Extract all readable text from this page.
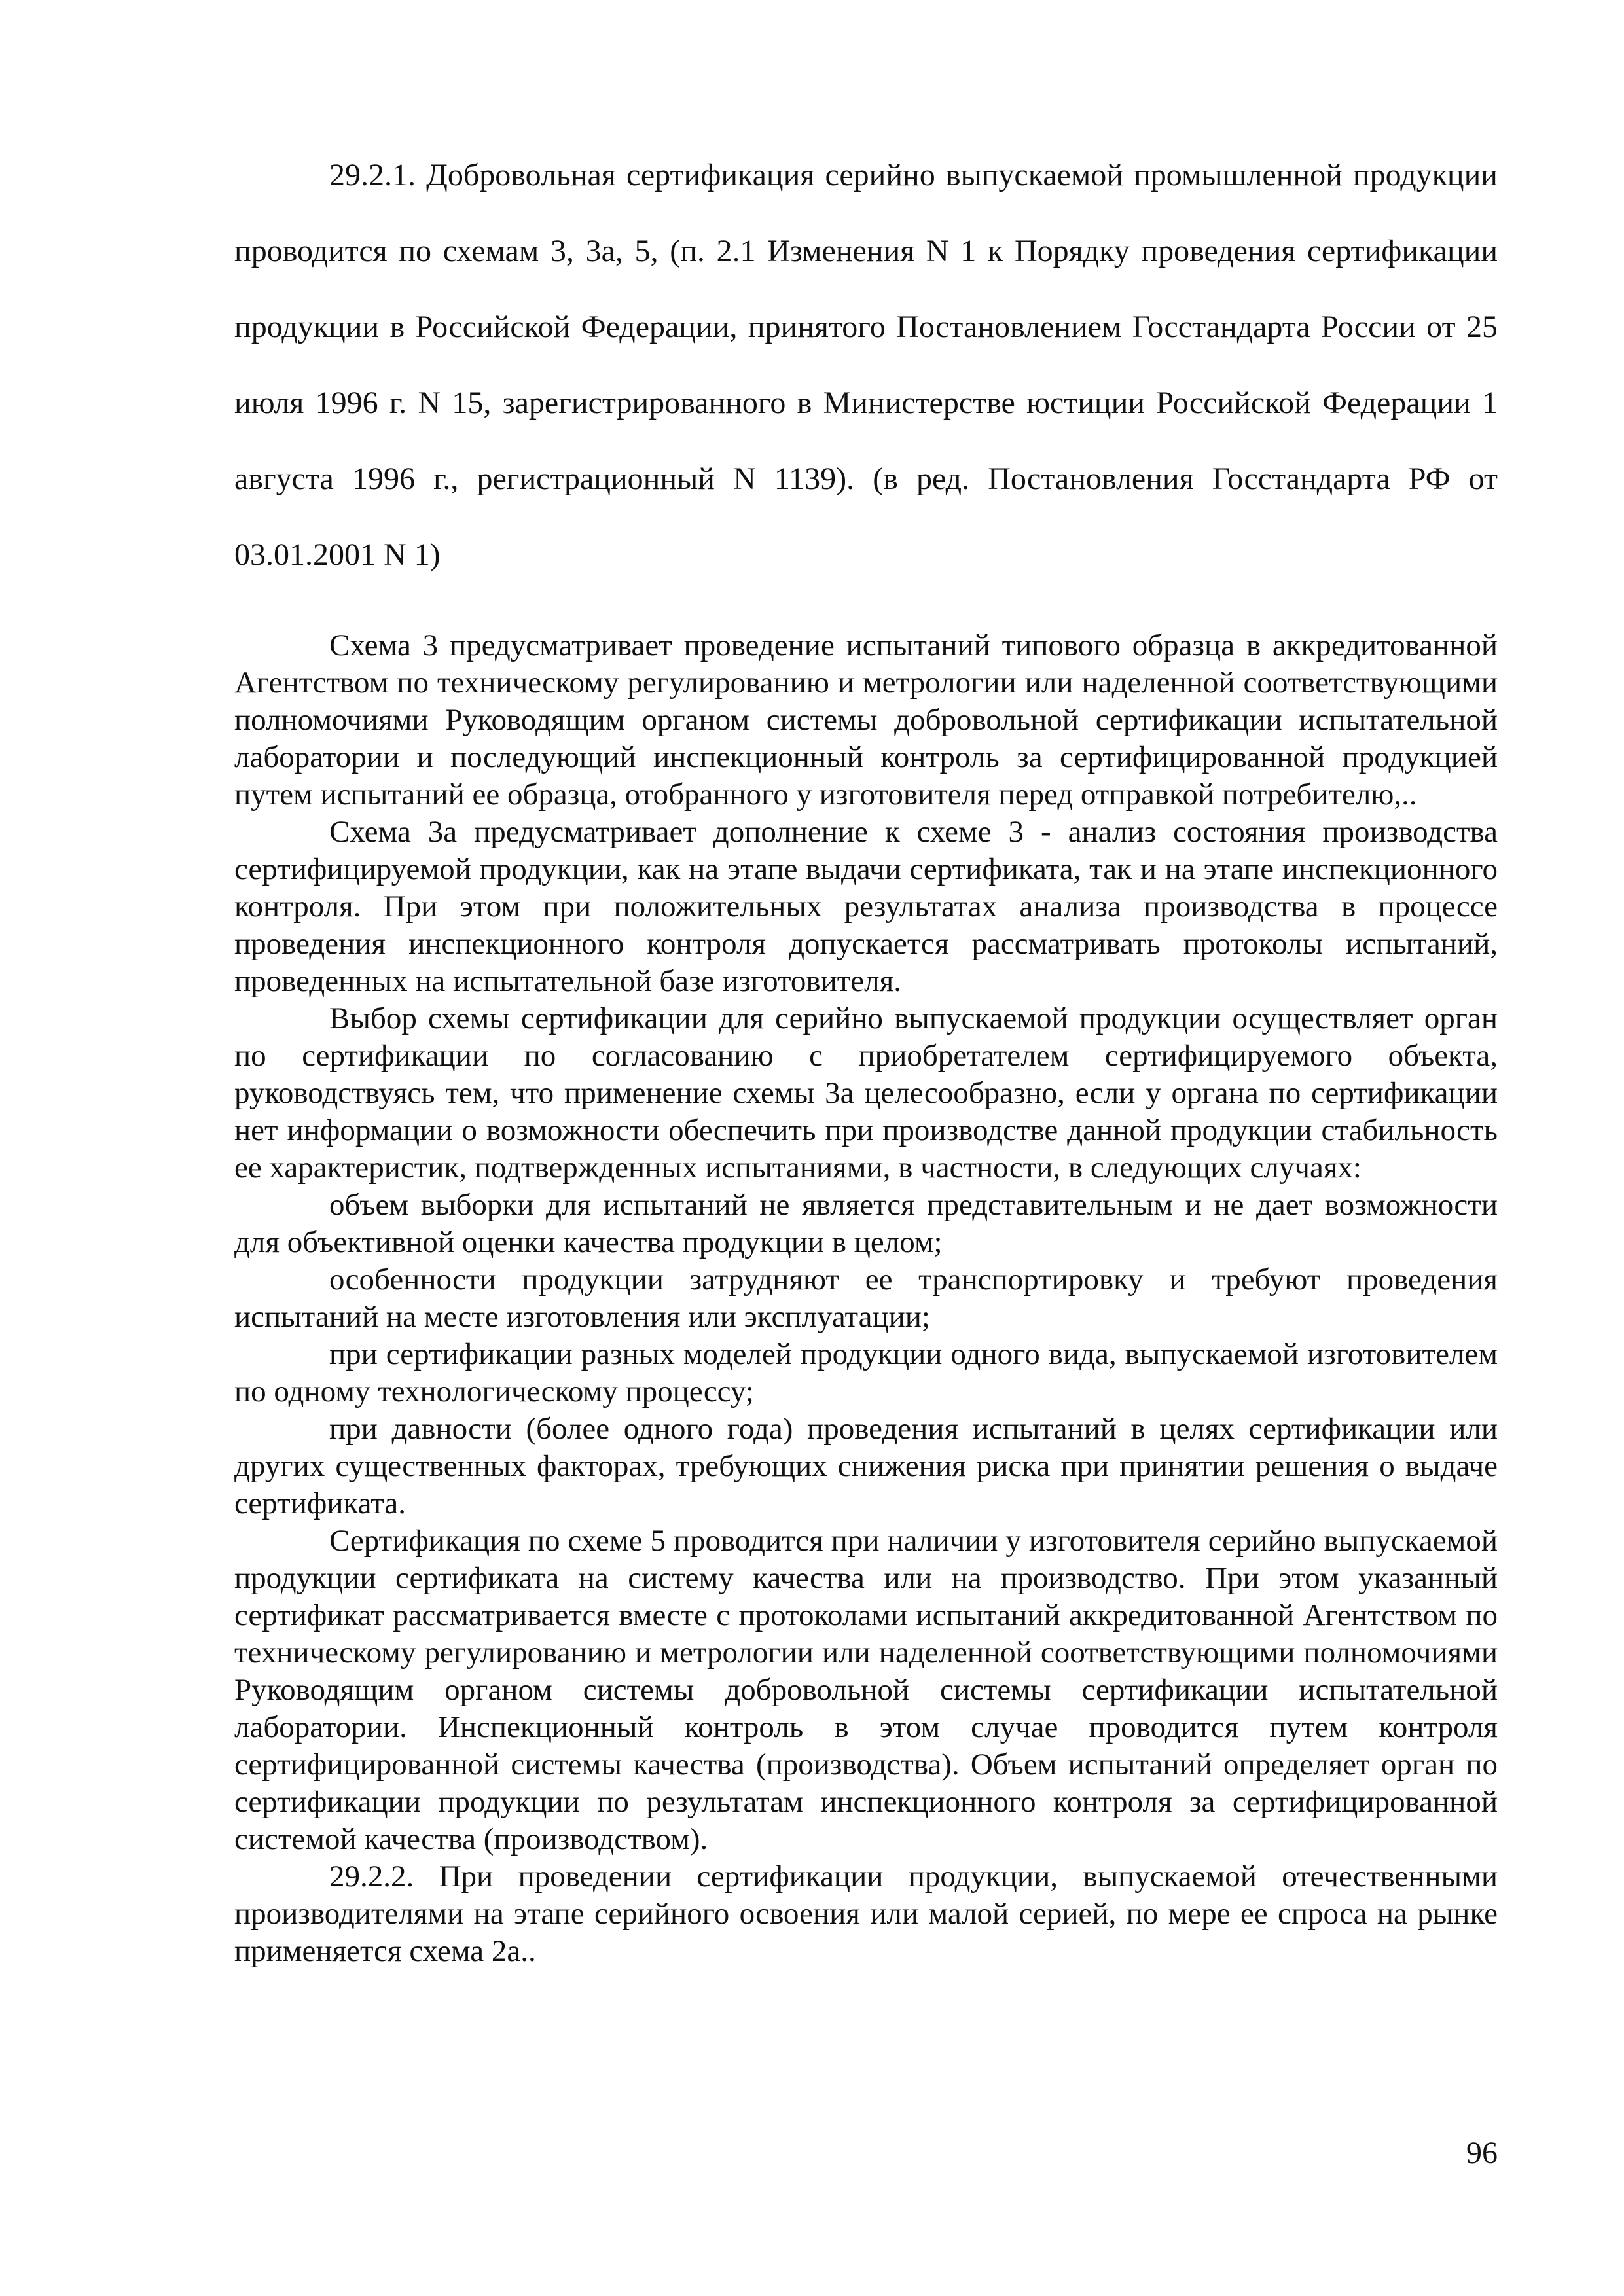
29.2.1. Добровольная сертификация серийно выпускаемой промышленной продукции проводится по схемам 3, 3а, 5, (п. 2.1 Изменения N 1 к Порядку проведения сертификации продукции в Российской Федерации, принятого Постановлением Госстандарта России от 25 июля 1996 г. N 15, зарегистрированного в Министерстве юстиции Российской Федерации 1 августа 1996 г., регистрационный N 1139). (в ред. Постановления Госстандарта РФ от 03.01.2001 N 1)

Схема 3 предусматривает проведение испытаний типового образца в аккредитованной Агентством по техническому регулированию и метрологии или наделенной соответствующими полномочиями Руководящим органом системы добровольной сертификации испытательной лаборатории и последующий инспекционный контроль за сертифицированной продукцией путем испытаний ее образца, отобранного у изготовителя перед отправкой потребителю,..

Схема 3а предусматривает дополнение к схеме 3 - анализ состояния производства сертифицируемой продукции, как на этапе выдачи сертификата, так и на этапе инспекционного контроля. При этом при положительных результатах анализа производства в процессе проведения инспекционного контроля допускается рассматривать протоколы испытаний, проведенных на испытательной базе изготовителя.

Выбор схемы сертификации для серийно выпускаемой продукции осуществляет орган по сертификации по согласованию с приобретателем сертифицируемого объекта, руководствуясь тем, что применение схемы 3а целесообразно, если у органа по сертификации нет информации о возможности обеспечить при производстве данной продукции стабильность ее характеристик, подтвержденных испытаниями, в частности, в следующих случаях:

объем выборки для испытаний не является представительным и не дает возможности для объективной оценки качества продукции в целом;

особенности продукции затрудняют ее транспортировку и требуют проведения испытаний на месте изготовления или эксплуатации;

при сертификации разных моделей продукции одного вида, выпускаемой изготовителем по одному технологическому процессу;

при давности (более одного года) проведения испытаний в целях сертификации или других существенных факторах, требующих снижения риска при принятии решения о выдаче сертификата.

Сертификация по схеме 5 проводится при наличии у изготовителя серийно выпускаемой продукции сертификата на систему качества или на производство. При этом указанный сертификат рассматривается вместе с протоколами испытаний аккредитованной Агентством по техническому регулированию и метрологии или наделенной соответствующими полномочиями Руководящим органом системы добровольной системы сертификации испытательной лаборатории. Инспекционный контроль в этом случае проводится путем контроля сертифицированной системы качества (производства). Объем испытаний определяет орган по сертификации продукции по результатам инспекционного контроля за сертифицированной системой качества (производством).

29.2.2. При проведении сертификации продукции, выпускаемой отечественными производителями на этапе серийного освоения или малой серией, по мере ее спроса на рынке применяется схема 2а..

96
